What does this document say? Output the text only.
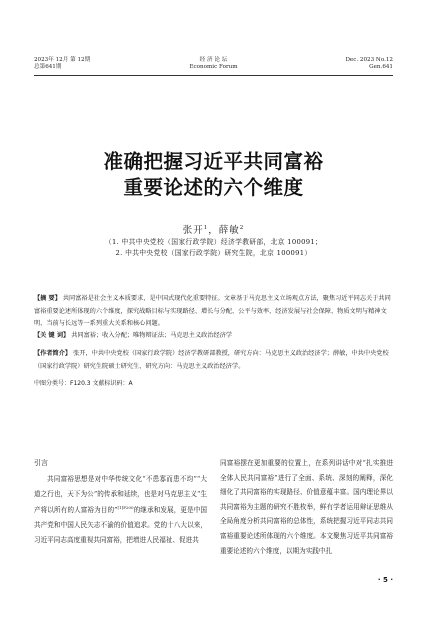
2023年 12月 第 12期
总第641期
经 济 论 坛
Economic Forum
Dec. 2023 No.12
Gen.641
准确把握习近平共同富裕
重要论述的六个维度
张开$^1$，薛敏$^2$
（1. 中共中央党校（国家行政学院）经济学教研部，北京 100091；
2. 中共中央党校（国家行政学院）研究生院，北京 100091）
【摘 要】 共同富裕是社会主义本质要求，是中国式现代化重要特征。文章基于马克思主义立场观点方法，聚焦习近平同志关于共同富裕重要论述所体现的六个维度，探究战略目标与实现路径、增长与分配、公平与效率、经济发展与社会保障、物质文明与精神文明、当前与长远等一系列重大关系和核心问题。
【关 键 词】 共同富裕；收入分配；唯物辩证法；马克思主义政治经济学
【作者简介】 张开，中共中央党校（国家行政学院）经济学教研部教授，研究方向：马克思主义政治经济学；薛敏，中共中央党校（国家行政学院）研究生院硕士研究生，研究方向：马克思主义政治经济学。
中图分类号：F120.3 文献标识码：A
引言
共同富裕思想是对中华传统文化“不患寡而患不均”“大道之行也，天下为公”的传承和延续，也是对马克思主义“生产将以所有的人富裕为目的”$^{[1]P200}$的继承和发展，更是中国共产党和中国人民矢志不渝的价值追求。党的十八大以来，习近平同志高度重视共同富裕，把增进人民福祉、促进共
同富裕摆在更加重要的位置上，在系列讲话中对“扎实推进全体人民共同富裕”进行了全面、系统、深刻的阐释，深化细化了共同富裕的实现路径、价值意蕴丰富。国内理论界以共同富裕为主题的研究不胜枚举，鲜有学者运用辩证思维从全局角度分析共同富裕的总体性，系统把握习近平同志共同富裕重要论述所体现的六个维度。本文聚焦习近平共同富裕重要论述的六个维度，以期为实践中扎
· 5 ·
